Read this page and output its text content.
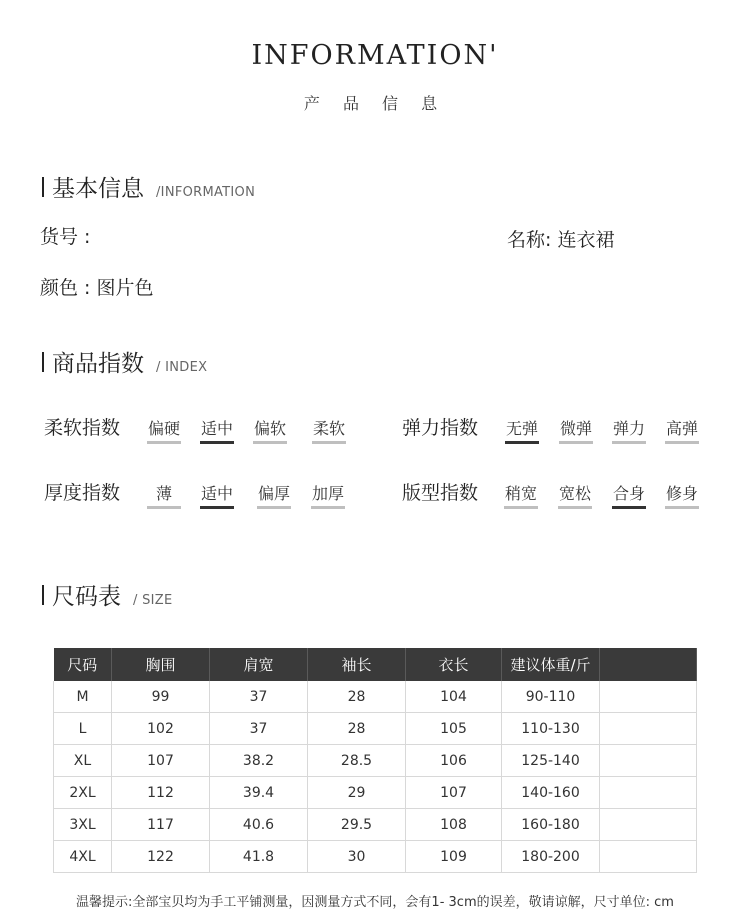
INFORMATION'
产 品 信 息
基本信息 /INFORMATION
货号 :	名称: 连衣裙
颜色 : 图片色
商品指数 / INDEX
柔软指数 偏硬 适中 偏软 柔软	弹力指数 无弹 微弹 弹力 高弹
厚度指数	薄	适中 偏厚 加厚	版型指数 稍宽 宽松 合身 修身
尺码表 / SIZE
尺码	胸围	肩宽	袖长	衣长	建议体重/斤	
M	99	37	28	104	90-110	
L	102	37	28	105	110-130	
XL	107	38.2	28.5	106	125-140	
2XL	112	39.4	29	107	140-160	
3XL	117	40.6	29.5	108	160-180	
4XL	122	41.8	30	109	180-200	
温馨提示:全部宝贝均为手工平铺测量，因测量方式不同，会有1- 3cm的误差，敬请谅解，尺寸单位: cm
